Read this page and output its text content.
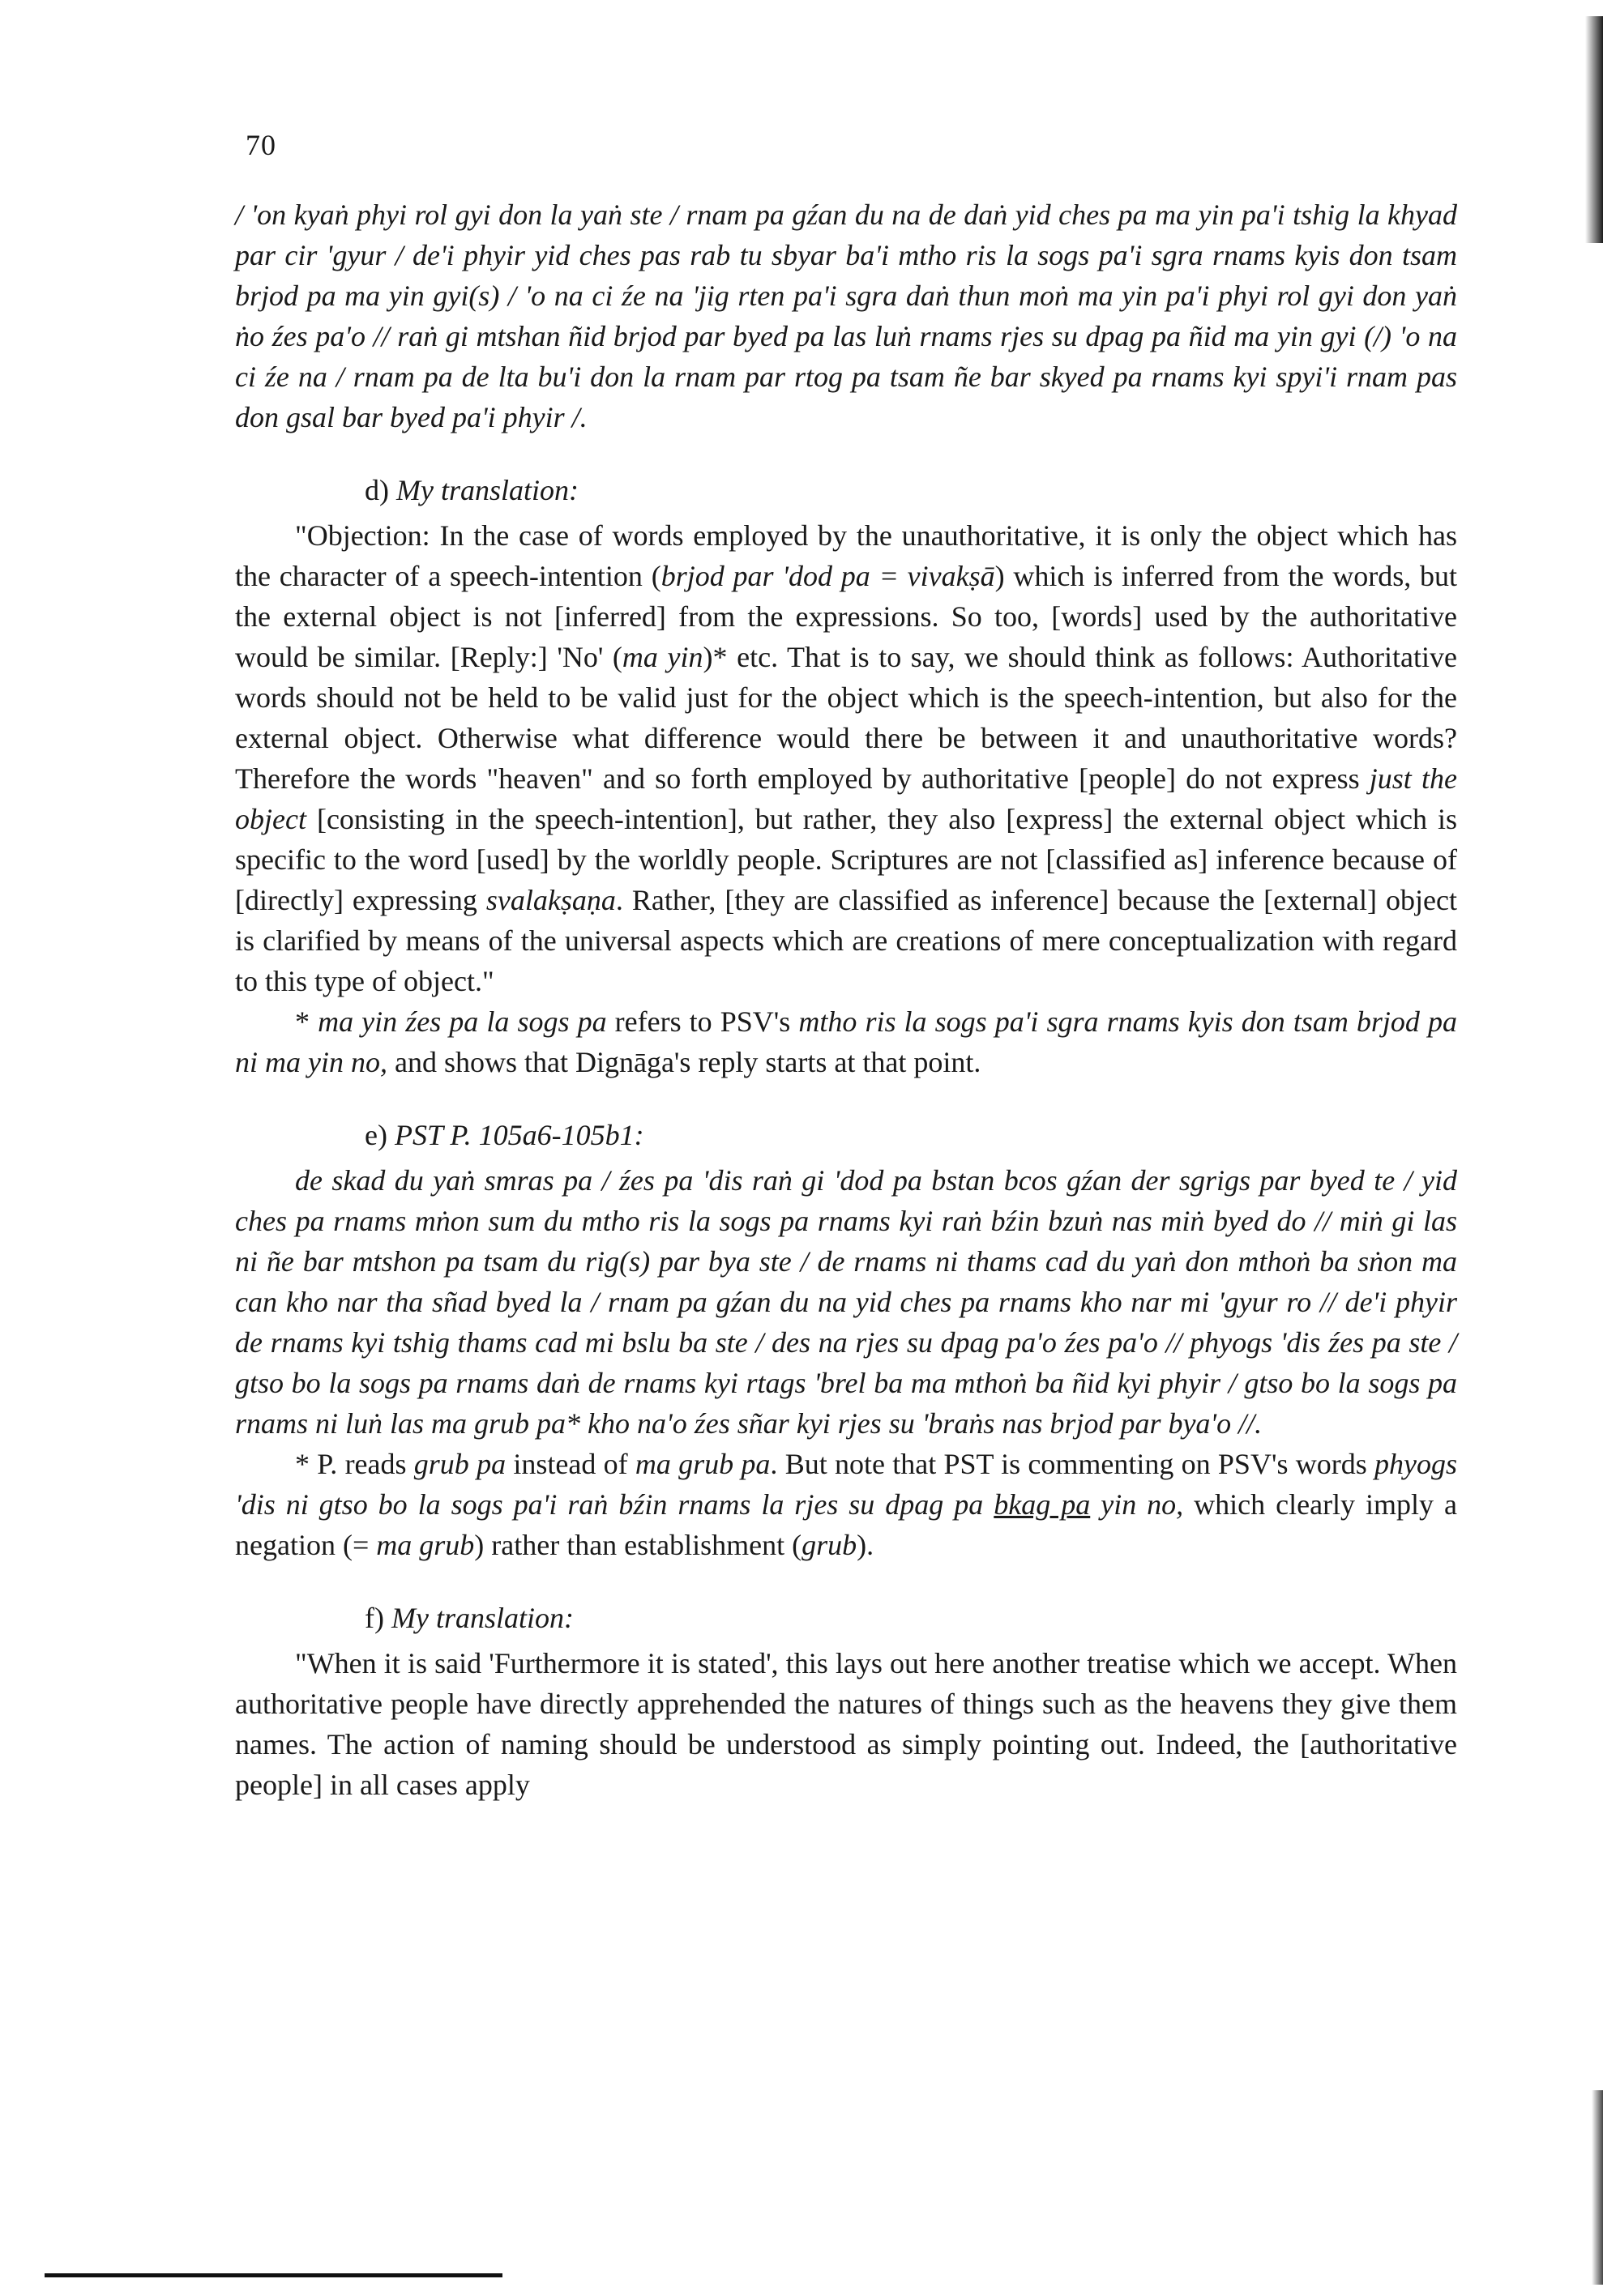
70

/ 'on kyaṅ phyi rol gyi don la yaṅ ste / rnam pa gźan du na de daṅ yid ches pa ma yin pa'i tshig la khyad par cir 'gyur / de'i phyir yid ches pas rab tu sbyar ba'i mtho ris la sogs pa'i sgra rnams kyis don tsam brjod pa ma yin gyi(s) / 'o na ci źe na 'jig rten pa'i sgra daṅ thun moṅ ma yin pa'i phyi rol gyi don yaṅ ṅo źes pa'o // raṅ gi mtshan ñid brjod par byed pa las luṅ rnams rjes su dpag pa ñid ma yin gyi (/) 'o na ci źe na / rnam pa de lta bu'i don la rnam par rtog pa tsam ñe bar skyed pa rnams kyi spyi'i rnam pas don gsal bar byed pa'i phyir /.

d) My translation:

"Objection: In the case of words employed by the unauthoritative, it is only the object which has the character of a speech-intention (brjod par 'dod pa = vivakṣā) which is inferred from the words, but the external object is not [inferred] from the expressions. So too, [words] used by the authoritative would be similar. [Reply:] 'No' (ma yin)* etc. That is to say, we should think as follows: Authoritative words should not be held to be valid just for the object which is the speech-intention, but also for the external object. Otherwise what difference would there be between it and unauthoritative words? Therefore the words "heaven" and so forth employed by authoritative [people] do not express just the object [consisting in the speech-intention], but rather, they also [express] the external object which is specific to the word [used] by the worldly people. Scriptures are not [classified as] inference because of [directly] expressing svalakṣaṇa. Rather, [they are classified as inference] because the [external] object is clarified by means of the universal aspects which are creations of mere conceptualization with regard to this type of object."

* ma yin źes pa la sogs pa refers to PSV's mtho ris la sogs pa'i sgra rnams kyis don tsam brjod pa ni ma yin no, and shows that Dignāga's reply starts at that point.

e) PST P. 105a6-105b1:

de skad du yaṅ smras pa / źes pa 'dis raṅ gi 'dod pa bstan bcos gźan der sgrigs par byed te / yid ches pa rnams mṅon sum du mtho ris la sogs pa rnams kyi raṅ bźin bzuṅ nas miṅ byed do // miṅ gi las ni ñe bar mtshon pa tsam du rig(s) par bya ste / de rnams ni thams cad du yaṅ don mthoṅ ba sṅon ma can kho nar tha sñad byed la / rnam pa gźan du na yid ches pa rnams kho nar mi 'gyur ro // de'i phyir de rnams kyi tshig thams cad mi bslu ba ste / des na rjes su dpag pa'o źes pa'o // phyogs 'dis źes pa ste / gtso bo la sogs pa rnams daṅ de rnams kyi rtags 'brel ba ma mthoṅ ba ñid kyi phyir / gtso bo la sogs pa rnams ni luṅ las ma grub pa* kho na'o źes sñar kyi rjes su 'braṅs nas brjod par bya'o //.

* P. reads grub pa instead of ma grub pa. But note that PST is commenting on PSV's words phyogs 'dis ni gtso bo la sogs pa'i raṅ bźin rnams la rjes su dpag pa bkag pa yin no, which clearly imply a negation (= ma grub) rather than establishment (grub).

f) My translation:

"When it is said 'Furthermore it is stated', this lays out here another treatise which we accept. When authoritative people have directly apprehended the natures of things such as the heavens they give them names. The action of naming should be understood as simply pointing out. Indeed, the [authoritative people] in all cases apply
